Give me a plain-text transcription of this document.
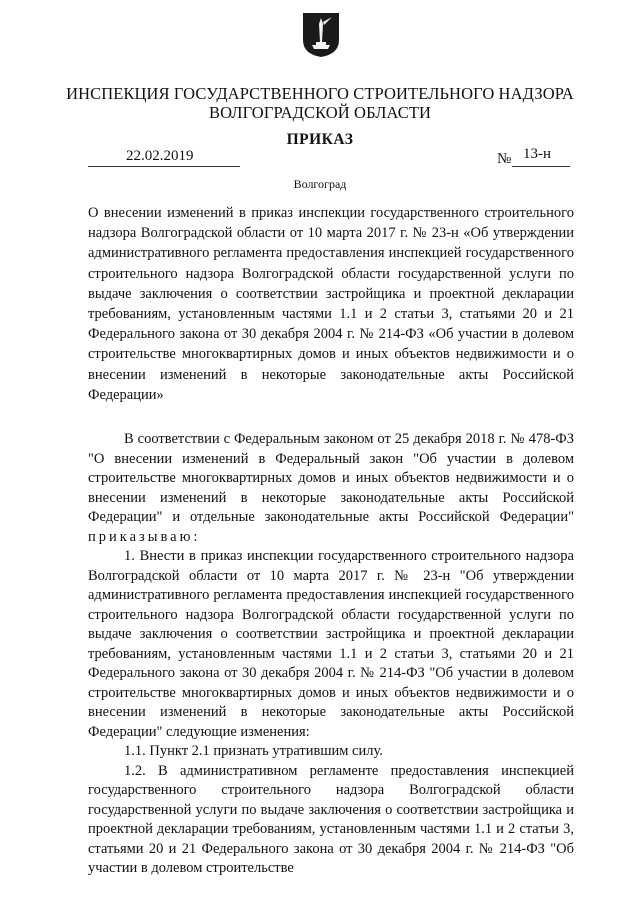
ИНСПЕКЦИЯ ГОСУДАРСТВЕННОГО СТРОИТЕЛЬНОГО НАДЗОРА
ВОЛГОГРАДСКОЙ ОБЛАСТИ
ПРИКАЗ
22.02.2019	№ 13-н
Волгоград
О внесении изменений в приказ инспекции государственного строительного надзора Волгоградской области от 10 марта 2017 г. № 23-н «Об утверждении административного регламента предоставления инспекцией государственного строительного надзора Волгоградской области государственной услуги по выдаче заключения о соответствии застройщика и проектной декларации требованиям, установленным частями 1.1 и 2 статьи 3, статьями 20 и 21 Федерального закона от 30 декабря 2004 г. № 214-ФЗ «Об участии в долевом строительстве многоквартирных домов и иных объектов недвижимости и о внесении изменений в некоторые законодательные акты Российской Федерации»

В соответствии с Федеральным законом от 25 декабря 2018 г. № 478-ФЗ "О внесении изменений в Федеральный закон "Об участии в долевом строительстве многоквартирных домов и иных объектов недвижимости и о внесении изменений в некоторые законодательные акты Российской Федерации" и отдельные законодательные акты Российской Федерации" приказываю:

1. Внести в приказ инспекции государственного строительного надзора Волгоградской области от 10 марта 2017 г. № 23-н "Об утверждении административного регламента предоставления инспекцией государственного строительного надзора Волгоградской области государственной услуги по выдаче заключения о соответствии застройщика и проектной декларации требованиям, установленным частями 1.1 и 2 статьи 3, статьями 20 и 21 Федерального закона от 30 декабря 2004 г. № 214-ФЗ "Об участии в долевом строительстве многоквартирных домов и иных объектов недвижимости и о внесении изменений в некоторые законодательные акты Российской Федерации" следующие изменения:

1.1. Пункт 2.1 признать утратившим силу.

1.2. В административном регламенте предоставления инспекцией государственного строительного надзора Волгоградской области государственной услуги по выдаче заключения о соответствии застройщика и проектной декларации требованиям, установленным частями 1.1 и 2 статьи 3, статьями 20 и 21 Федерального закона от 30 декабря 2004 г. № 214-ФЗ "Об участии в долевом строительстве
